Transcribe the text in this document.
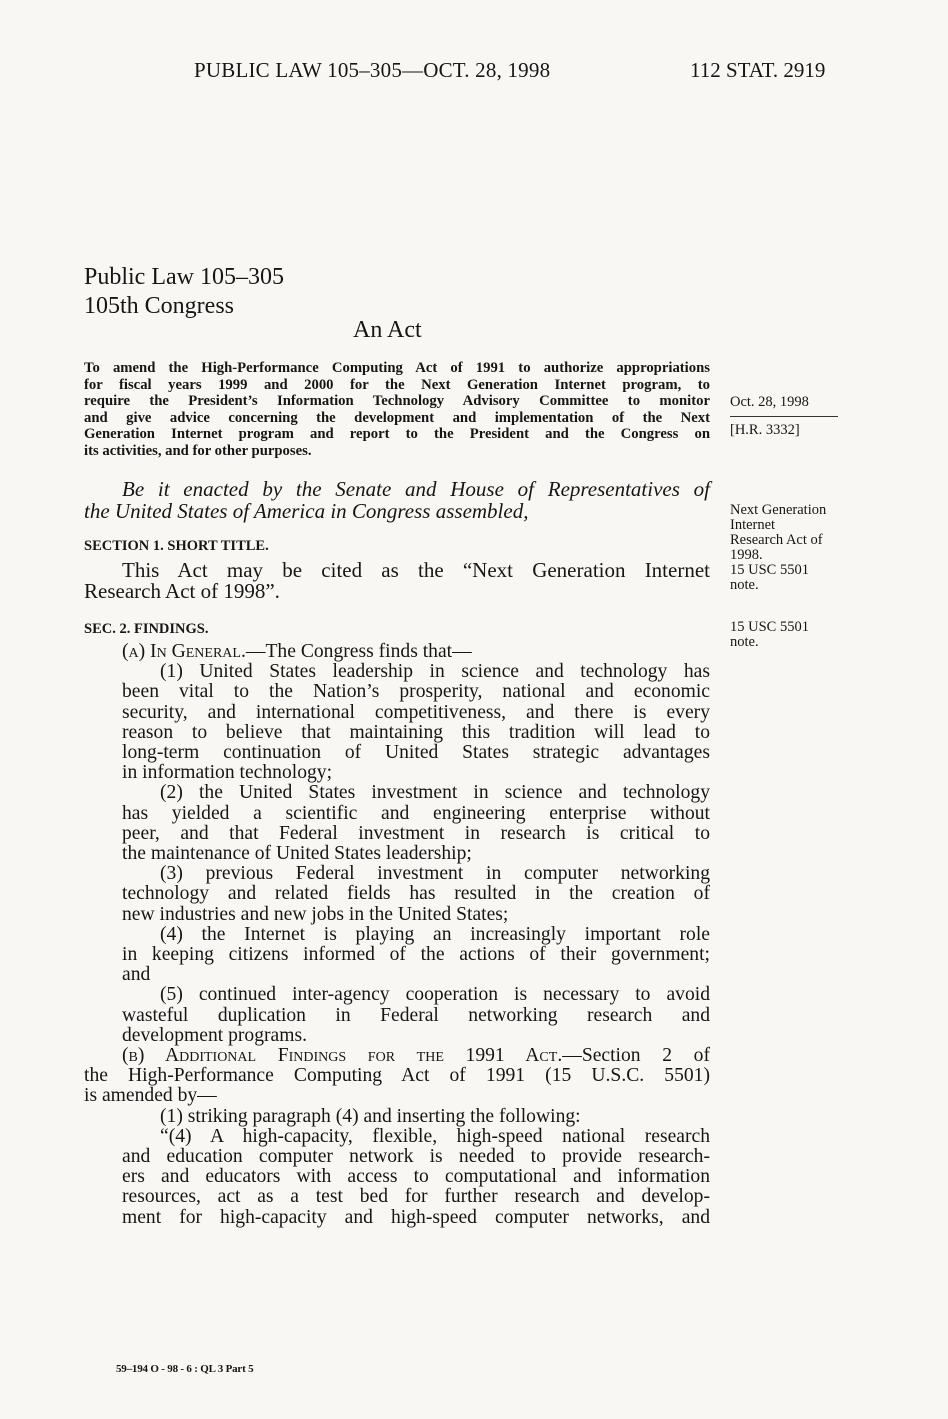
PUBLIC LAW 105–305—OCT. 28, 1998	112 STAT. 2919
Public Law 105–305
105th Congress
An Act
To amend the High-Performance Computing Act of 1991 to authorize appropriations
for fiscal years 1999 and 2000 for the Next Generation Internet program, to
require the President’s Information Technology Advisory Committee to monitor
and give advice concerning the development and implementation of the Next
Generation Internet program and report to the President and the Congress on
its activities, and for other purposes.
Oct. 28, 1998
[H.R. 3332]
Be it enacted by the Senate and House of Representatives of
the United States of America in Congress assembled,	Next Generation
Internet
Research Act of
1998.
15 USC 5501
note.
SECTION 1. SHORT TITLE.
This Act may be cited as the “Next Generation Internet
Research Act of 1998”.
SEC. 2. FINDINGS.	15 USC 5501
note.
(a) In General.—The Congress finds that—
(1) United States leadership in science and technology has
been vital to the Nation’s prosperity, national and economic
security, and international competitiveness, and there is every
reason to believe that maintaining this tradition will lead to
long-term continuation of United States strategic advantages
in information technology;
(2) the United States investment in science and technology
has yielded a scientific and engineering enterprise without
peer, and that Federal investment in research is critical to
the maintenance of United States leadership;
(3) previous Federal investment in computer networking
technology and related fields has resulted in the creation of
new industries and new jobs in the United States;
(4) the Internet is playing an increasingly important role
in keeping citizens informed of the actions of their government;
and
(5) continued inter-agency cooperation is necessary to avoid
wasteful duplication in Federal networking research and
development programs.
(b) Additional Findings for the 1991 Act.—Section 2 of
the High-Performance Computing Act of 1991 (15 U.S.C. 5501)
is amended by—
(1) striking paragraph (4) and inserting the following:
“(4) A high-capacity, flexible, high-speed national research
and education computer network is needed to provide research-
ers and educators with access to computational and information
resources, act as a test bed for further research and develop-
ment for high-capacity and high-speed computer networks, and
59–194 O - 98 - 6 : QL 3 Part 5
